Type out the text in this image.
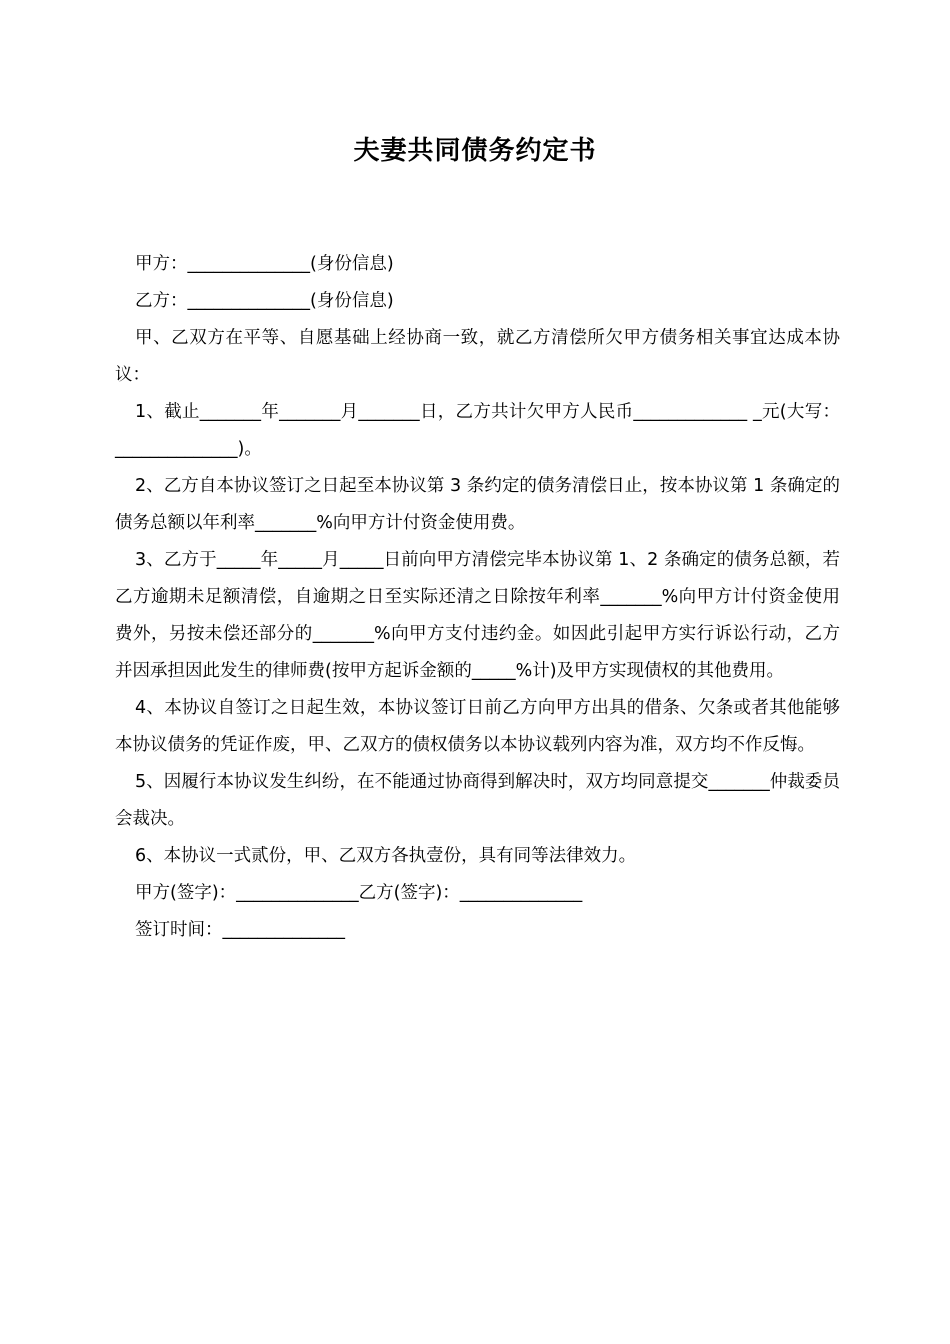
夫妻共同债务约定书

甲方：______________(身份信息)

乙方：______________(身份信息)

甲、乙双方在平等、自愿基础上经协商一致，就乙方清偿所欠甲方债务相关事宜达成本协议：

1、截止_______年_______月_______日，乙方共计欠甲方人民币_____________ _元(大写：______________)。

2、乙方自本协议签订之日起至本协议第 3 条约定的债务清偿日止，按本协议第 1 条确定的债务总额以年利率_______%向甲方计付资金使用费。

3、乙方于_____年_____月_____日前向甲方清偿完毕本协议第 1、2 条确定的债务总额，若乙方逾期未足额清偿，自逾期之日至实际还清之日除按年利率_______%向甲方计付资金使用费外，另按未偿还部分的_______%向甲方支付违约金。如因此引起甲方实行诉讼行动，乙方并因承担因此发生的律师费(按甲方起诉金额的_____%计)及甲方实现债权的其他费用。

4、本协议自签订之日起生效，本协议签订日前乙方向甲方出具的借条、欠条或者其他能够本协议债务的凭证作废，甲、乙双方的债权债务以本协议载列内容为准，双方均不作反悔。

5、因履行本协议发生纠纷，在不能通过协商得到解决时，双方均同意提交_______仲裁委员会裁决。

6、本协议一式贰份，甲、乙双方各执壹份，具有同等法律效力。

甲方(签字)：______________乙方(签字)：______________

签订时间：______________
